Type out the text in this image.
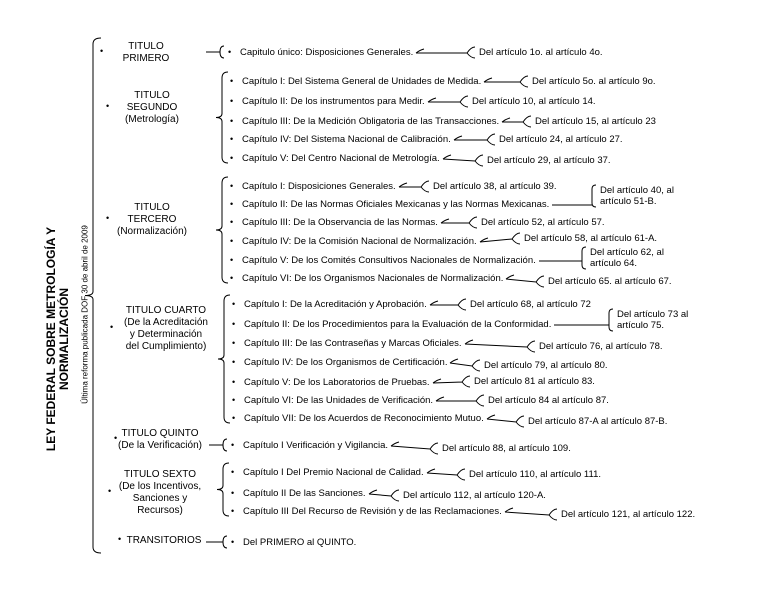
LEY FEDERAL SOBRE METROLOGÍA Y NORMALIZACIÓN Última reforma publicada DOF 30 de abril de 2009
•	TITULO
PRIMERO
• Capitulo único: Disposiciones Generales.	Del artículo 1o. al artículo 4o.
•
TITULO
SEGUNDO
(Metrología)
• Capítulo I: Del Sistema General de Unidades de Medida.	Del artículo 5o. al artículo 9o.
• Capítulo II: De los instrumentos para Medir.	Del artículo 10, al artículo 14.
• Capítulo III: De la Medición Obligatoria de las Transacciones.	Del artículo 15, al artículo 23
• Capítulo IV: Del Sistema Nacional de Calibración.	Del artículo 24, al artículo 27.
• Capítulo V: Del Centro Nacional de Metrología.	Del artículo 29, al artículo 37.
•
TITULO
TERCERO
(Normalización)
• Capítulo I: Disposiciones Generales.	Del artículo 38, al artículo 39.
• Capítulo II: De las Normas Oficiales Mexicanas y las Normas Mexicanas.
Del artículo 40, al
artículo 51-B.
• Capítulo III: De la Observancia de las Normas.	Del artículo 52, al artículo 57.
• Capítulo IV: De la Comisión Nacional de Normalización.	Del artículo 58, al artículo 61-A.
• Capítulo V: De los Comités Consultivos Nacionales de Normalización.
Del artículo 62, al
artículo 64.
• Capítulo VI: De los Organismos Nacionales de Normalización.	Del artículo 65. al artículo 67.
•
TITULO CUARTO
(De la Acreditación
y Determinación
del Cumplimiento)
• Capítulo I: De la Acreditación y Aprobación.	Del artículo 68, al artículo 72
• Capítulo II: De los Procedimientos para la Evaluación de la Conformidad.
Del artículo 73 al
artículo 75.
• Capítulo III: De las Contraseñas y Marcas Oficiales.	Del artículo 76, al artículo 78.
• Capítulo IV: De los Organismos de Certificación.	Del artículo 79, al artículo 80.
• Capítulo V: De los Laboratorios de Pruebas.	Del artículo 81 al artículo 83.
• Capítulo VI: De las Unidades de Verificación.	Del artículo 84 al artículo 87.
• Capítulo VII: De los Acuerdos de Reconocimiento Mutuo.	Del artículo 87-A al artículo 87-B.
• TITULO QUINTO
(De la Verificación)	• Capítulo I Verificación y Vigilancia.	Del artículo 88, al artículo 109.
•
TITULO SEXTO
(De los Incentivos,
Sanciones y
Recursos)
• Capítulo I Del Premio Nacional de Calidad.	Del artículo 110, al artículo 111.
• Capítulo II De las Sanciones.	Del artículo 112, al artículo 120-A.
• Capítulo III Del Recurso de Revisión y de las Reclamaciones.	Del artículo 121, al artículo 122.
• TRANSITORIOS	• Del PRIMERO al QUINTO.
